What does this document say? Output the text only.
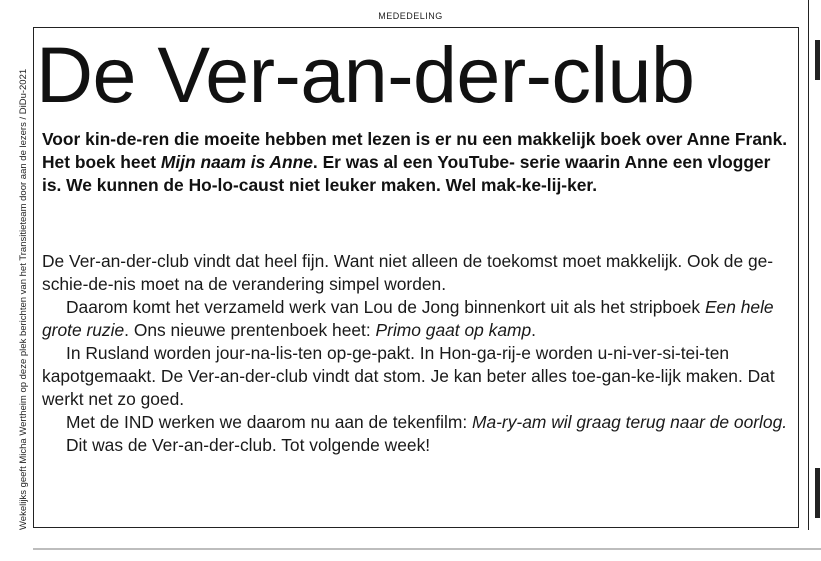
MEDEDELING
Wekelijks geeft Micha Wertheim op deze plek berichten van het Transitieteam door aan de lezers / DiDu-2021 De Ver-an-der-club

Voor kin-de-ren die moeite hebben met lezen is er nu een makkelijk boek over Anne Frank. Het boek heet Mijn naam is Anne. Er was al een YouTube- serie waarin Anne een vlogger is. We kunnen de Ho-lo-caust niet leuker maken. Wel mak-ke-lij-ker.

De Ver-an-der-club vindt dat heel fijn. Want niet alleen de toekomst moet makkelijk. Ook de ge-schie-de-nis moet na de verandering simpel worden.

Daarom komt het verzameld werk van Lou de Jong binnenkort uit als het stripboek Een hele grote ruzie. Ons nieuwe prentenboek heet: Primo gaat op kamp.

In Rusland worden jour-na-lis-ten op-ge-pakt. In Hon-ga-rij-e worden u-ni-ver-si-tei-ten kapotgemaakt. De Ver-an-der-club vindt dat stom. Je kan beter alles toe-gan-ke-lijk maken. Dat werkt net zo goed.

Met de IND werken we daarom nu aan de tekenfilm: Ma-ry-am wil graag terug naar de oorlog.

Dit was de Ver-an-der-club. Tot volgende week!
